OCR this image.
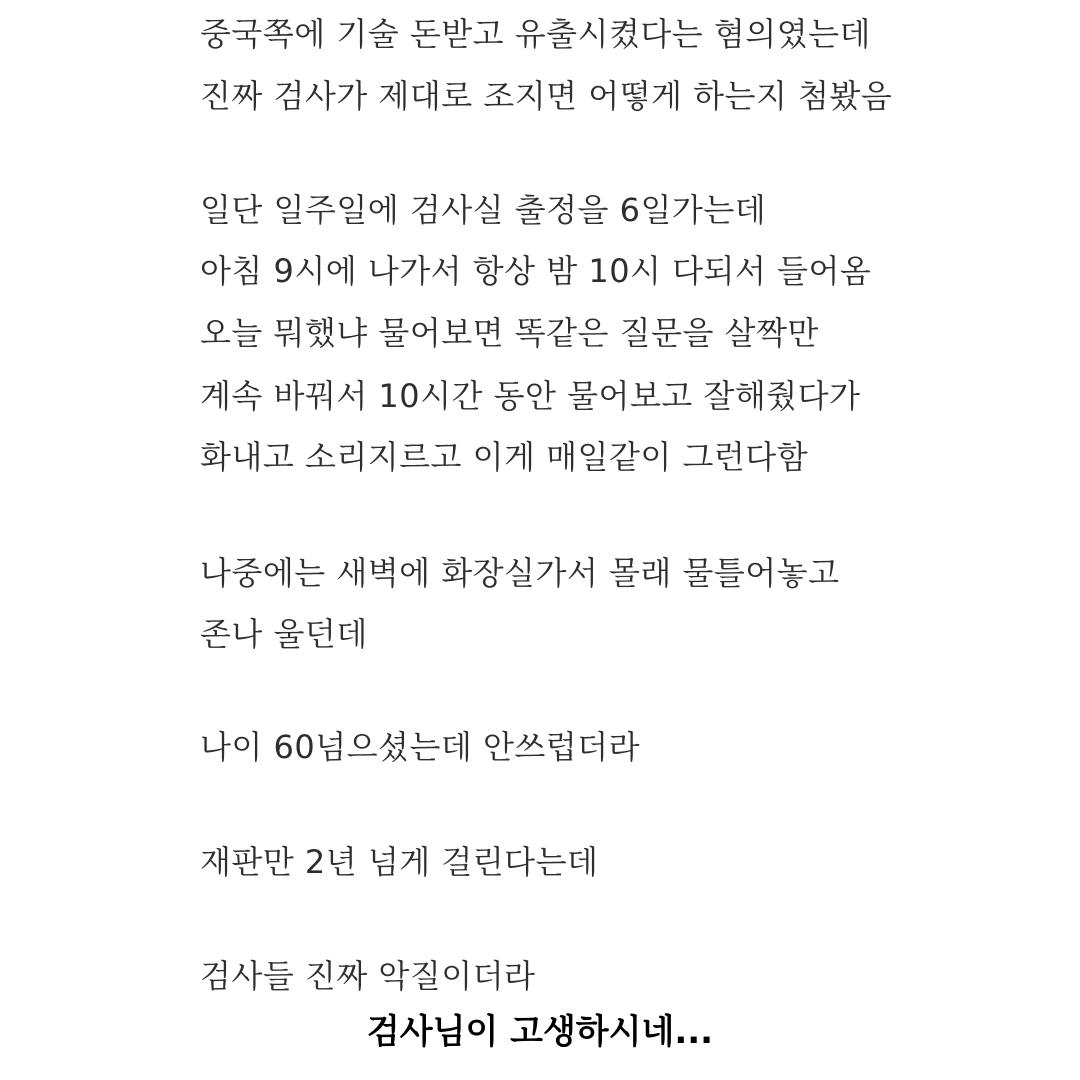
중국쪽에 기술 돈받고 유출시켰다는 혐의였는데
진짜 검사가 제대로 조지면 어떻게 하는지 첨봤음
일단 일주일에 검사실 출정을 6일가는데
아침 9시에 나가서 항상 밤 10시 다되서 들어옴
오늘 뭐했냐 물어보면 똑같은 질문을 살짝만
계속 바꿔서 10시간 동안 물어보고 잘해줬다가
화내고 소리지르고 이게 매일같이 그런다함
나중에는 새벽에 화장실가서 몰래 물틀어놓고
존나 울던데
나이 60넘으셨는데 안쓰럽더라
재판만 2년 넘게 걸린다는데
검사들 진짜 악질이더라
검사님이 고생하시네...
